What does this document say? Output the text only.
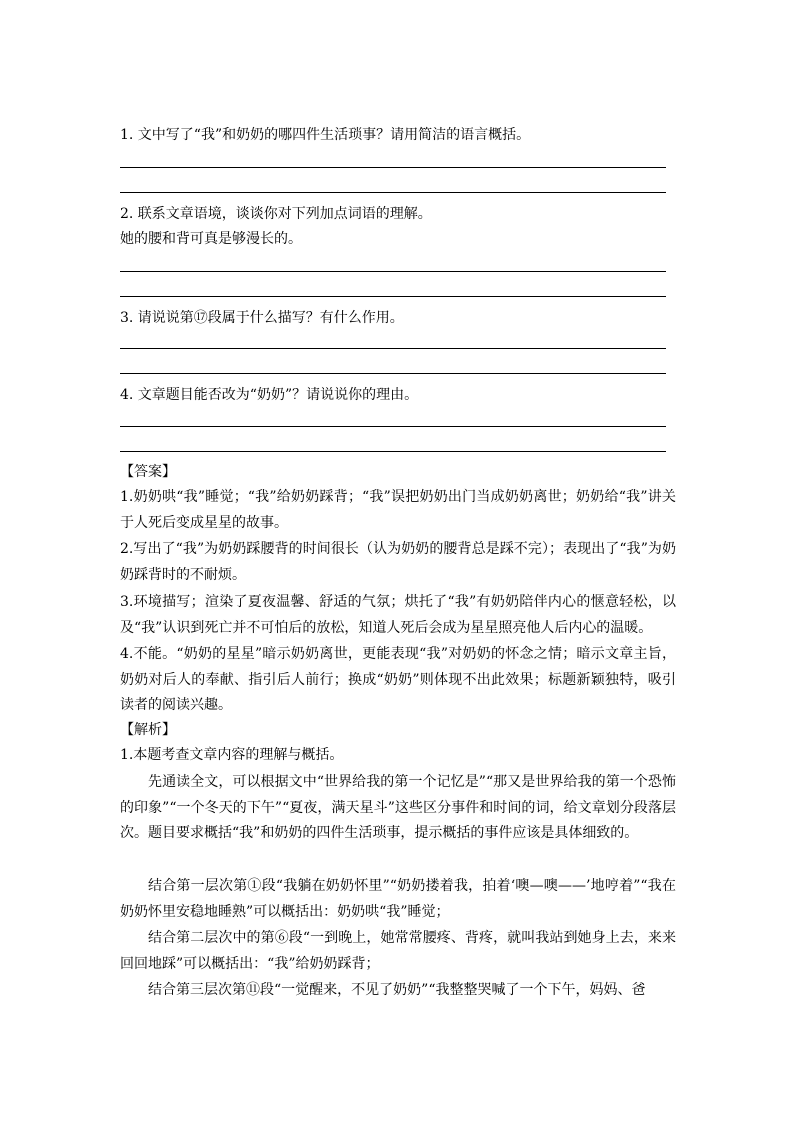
1. 文中写了“我”和奶奶的哪四件生活琐事？请用简洁的语言概括。
2. 联系文章语境，谈谈你对下列加点词语的理解。
她的腰和背可真是够漫长的。
3. 请说说第⑰段属于什么描写？有什么作用。
4. 文章题目能否改为“奶奶”？请说说你的理由。
【答案】
1.奶奶哄“我”睡觉；“我”给奶奶踩背；“我”误把奶奶出门当成奶奶离世；奶奶给“我”讲关于人死后变成星星的故事。
2.写出了“我”为奶奶踩腰背的时间很长（认为奶奶的腰背总是踩不完）；表现出了“我”为奶奶踩背时的不耐烦。
3.环境描写；渲染了夏夜温馨、舒适的气氛；烘托了“我”有奶奶陪伴内心的惬意轻松，以及“我”认识到死亡并不可怕后的放松，知道人死后会成为星星照亮他人后内心的温暖。
4.不能。“奶奶的星星”暗示奶奶离世，更能表现“我”对奶奶的怀念之情；暗示文章主旨，奶奶对后人的奉献、指引后人前行；换成“奶奶”则体现不出此效果；标题新颖独特，吸引读者的阅读兴趣。
【解析】
1.本题考查文章内容的理解与概括。
先通读全文，可以根据文中“世界给我的第一个记忆是”“那又是世界给我的第一个恐怖的印象”“一个冬天的下午”“夏夜，满天星斗”这些区分事件和时间的词，给文章划分段落层次。题目要求概括“我”和奶奶的四件生活琐事，提示概括的事件应该是具体细致的。
结合第一层次第①段“我躺在奶奶怀里”“奶奶搂着我，拍着‘噢—噢——’地哼着”“我在奶奶怀里安稳地睡熟”可以概括出：奶奶哄“我”睡觉；
结合第二层次中的第⑥段“一到晚上，她常常腰疼、背疼，就叫我站到她身上去，来来回回地踩”可以概括出：“我”给奶奶踩背；
结合第三层次第⑪段“一觉醒来，不见了奶奶”“我整整哭喊了一个下午，妈妈、爸
